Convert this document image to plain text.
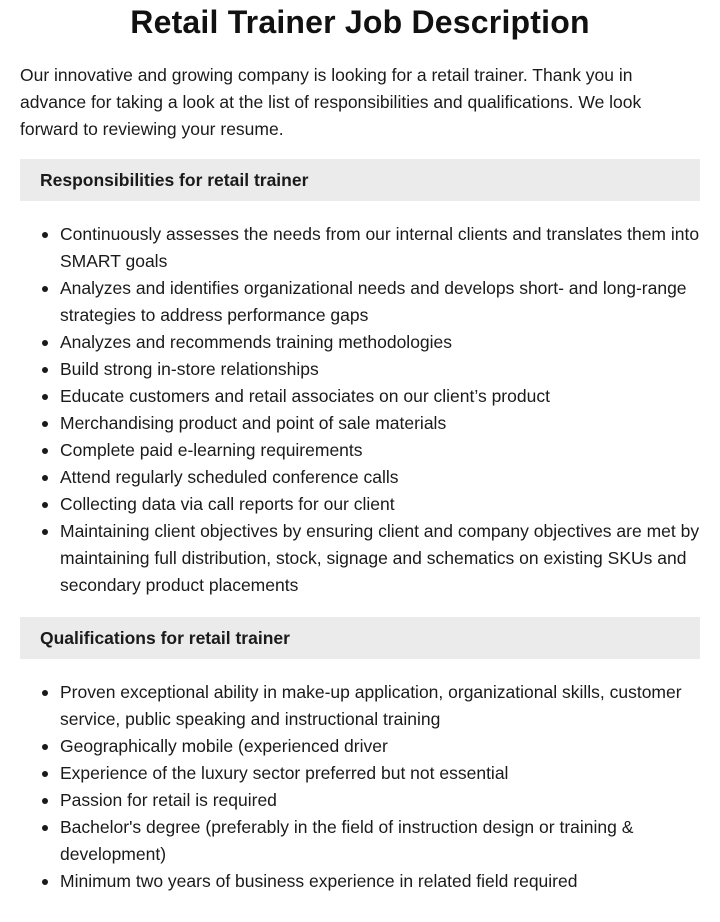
Retail Trainer Job Description

Our innovative and growing company is looking for a retail trainer. Thank you in advance for taking a look at the list of responsibilities and qualifications. We look forward to reviewing your resume.

Responsibilities for retail trainer
Continuously assesses the needs from our internal clients and translates them into SMART goals
Analyzes and identifies organizational needs and develops short- and long-range strategies to address performance gaps
Analyzes and recommends training methodologies
Build strong in-store relationships
Educate customers and retail associates on our client’s product
Merchandising product and point of sale materials
Complete paid e-learning requirements
Attend regularly scheduled conference calls
Collecting data via call reports for our client
Maintaining client objectives by ensuring client and company objectives are met by maintaining full distribution, stock, signage and schematics on existing SKUs and secondary product placements
Qualifications for retail trainer
Proven exceptional ability in make-up application, organizational skills, customer service, public speaking and instructional training
Geographically mobile (experienced driver
Experience of the luxury sector preferred but not essential
Passion for retail is required
Bachelor's degree (preferably in the field of instruction design or training & development)
Minimum two years of business experience in related field required
